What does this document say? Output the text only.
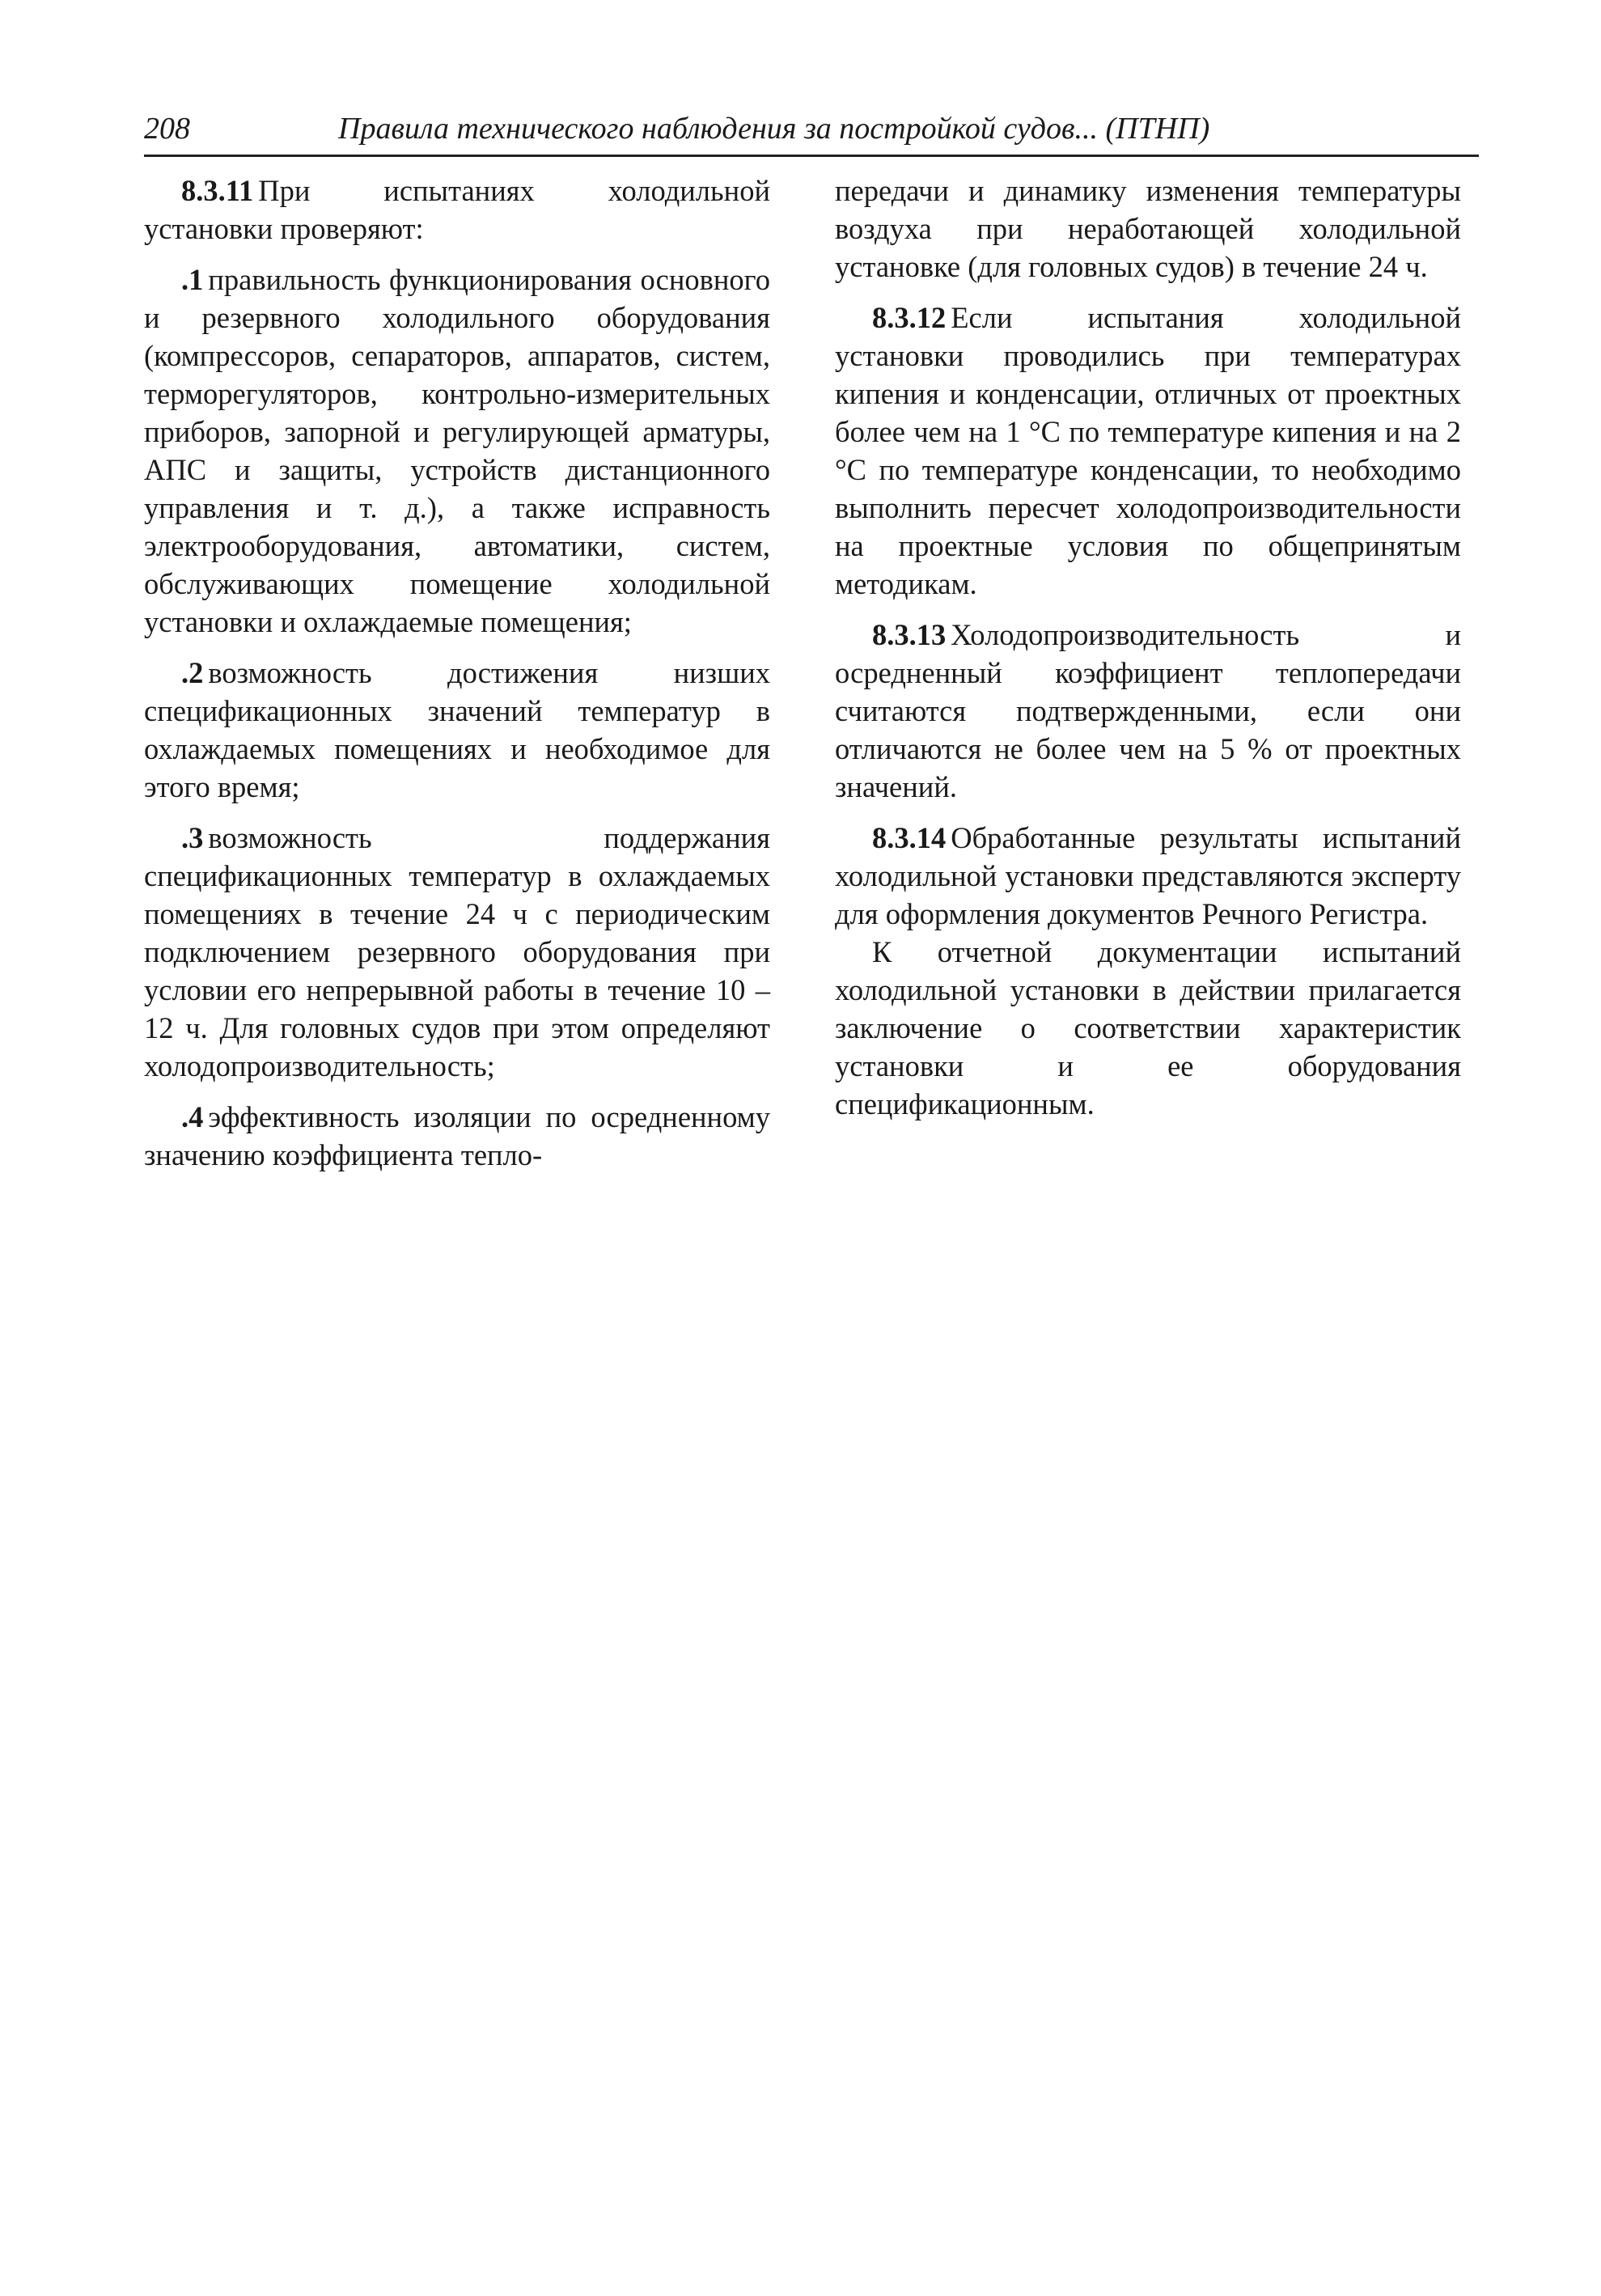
208	Правила технического наблюдения за постройкой судов... (ПТНП)

8.3.11 При испытаниях холодильной установки проверяют:

.1 правильность функционирования основного и резервного холодильного оборудования (компрессоров, сепараторов, аппаратов, систем, терморегуляторов, контрольно-измерительных приборов, запорной и регулирующей арматуры, АПС и защиты, устройств дистанционного управления и т. д.), а также исправность электрооборудования, автоматики, систем, обслуживающих помещение холодильной установки и охлаждаемые помещения;

.2 возможность достижения низших спецификационных значений температур в охлаждаемых помещениях и необходимое для этого время;

.3 возможность поддержания спецификационных температур в охлаждаемых помещениях в течение 24 ч с периодическим подключением резервного оборудования при условии его непрерывной работы в течение 10 – 12 ч. Для головных судов при этом определяют холодопроизводительность;

.4 эффективность изоляции по осредненному значению коэффициента тепло-

передачи и динамику изменения температуры воздуха при неработающей холодильной установке (для головных судов) в течение 24 ч.

8.3.12 Если испытания холодильной установки проводились при температурах кипения и конденсации, отличных от проектных более чем на 1 °С по температуре кипения и на 2 °С по температуре конденсации, то необходимо выполнить пересчет холодопроизводительности на проектные условия по общепринятым методикам.

8.3.13 Холодопроизводительность и осредненный коэффициент теплопередачи считаются подтвержденными, если они отличаются не более чем на 5 % от проектных значений.

8.3.14 Обработанные результаты испытаний холодильной установки представляются эксперту для оформления документов Речного Регистра.

К отчетной документации испытаний холодильной установки в действии прилагается заключение о соответствии характеристик установки и ее оборудования спецификационным.
